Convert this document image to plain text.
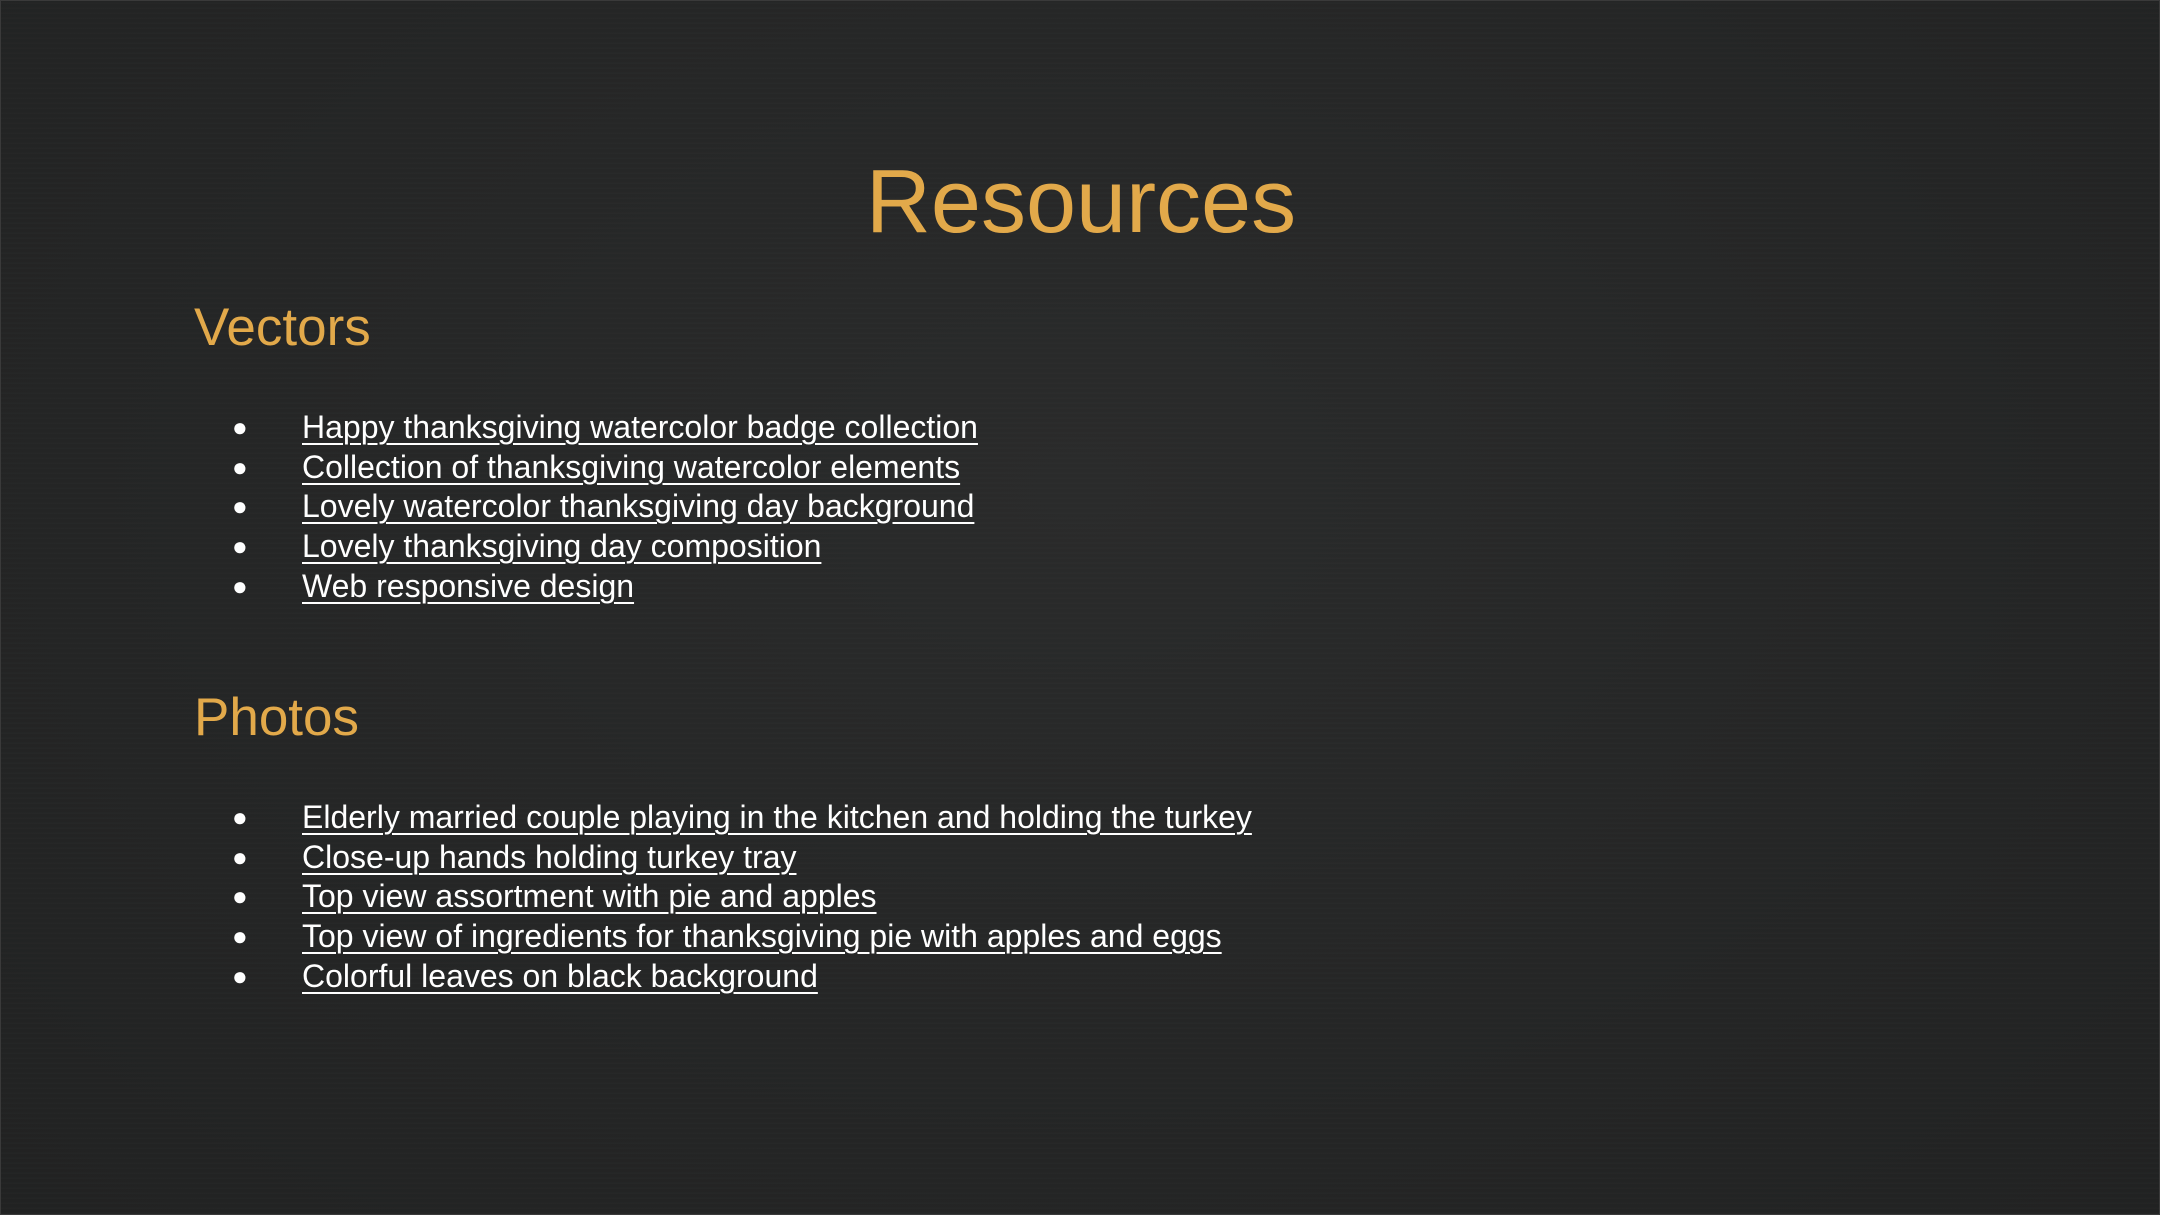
Resources
Vectors
● Happy thanksgiving watercolor badge collection
● Collection of thanksgiving watercolor elements
● Lovely watercolor thanksgiving day background
● Lovely thanksgiving day composition
● Web responsive design
Photos
● Elderly married couple playing in the kitchen and holding the turkey
● Close-up hands holding turkey tray
● Top view assortment with pie and apples
● Top view of ingredients for thanksgiving pie with apples and eggs
● Colorful leaves on black background
